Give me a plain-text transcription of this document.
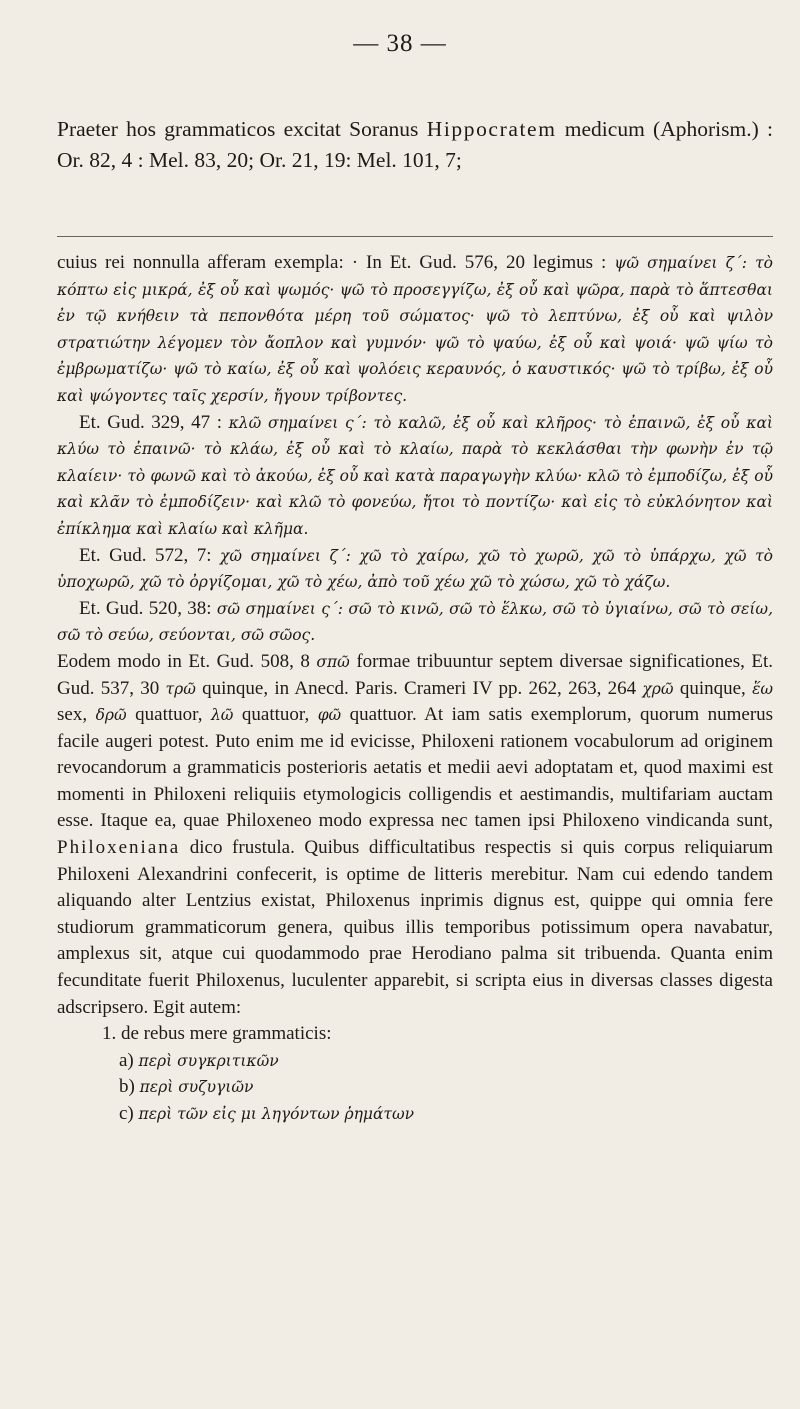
— 38 —
Praeter hos grammaticos excitat Soranus Hippocratem medicum (Aphorism.) : Or. 82, 4 : Mel. 83, 20; Or. 21, 19: Mel. 101, 7;

cuius rei nonnulla afferam exempla: · In Et. Gud. 576, 20 legimus : ψῶ σημαίνει ζ΄: τὸ κόπτω εἰς μικρά, ἐξ οὗ καὶ ψωμός· ψῶ τὸ προσεγγίζω, ἐξ οὗ καὶ ψῶρα, παρὰ τὸ ἅπτεσθαι ἐν τῷ κνήθειν τὰ πεπονθότα μέρη τοῦ σώματος· ψῶ τὸ λεπτύνω, ἐξ οὗ καὶ ψιλὸν στρατιώτην λέγομεν τὸν ἄοπλον καὶ γυμνόν· ψῶ τὸ ψαύω, ἐξ οὗ καὶ ψοιά· ψῶ ψίω τὸ ἐμβρωματίζω· ψῶ τὸ καίω, ἐξ οὗ καὶ ψολόεις κεραυνός, ὁ καυστικός· ψῶ τὸ τρίβω, ἐξ οὗ καὶ ψώγοντες ταῖς χερσίν, ἤγουν τρίβοντες.

Et. Gud. 329, 47 : κλῶ σημαίνει ς΄: τὸ καλῶ, ἐξ οὗ καὶ κλῆρος· τὸ ἐπαινῶ, ἐξ οὗ καὶ κλύω τὸ ἐπαινῶ· τὸ κλάω, ἐξ οὗ καὶ τὸ κλαίω, παρὰ τὸ κεκλάσθαι τὴν φωνὴν ἐν τῷ κλαίειν· τὸ φωνῶ καὶ τὸ ἀκούω, ἐξ οὗ καὶ κατὰ παραγωγὴν κλύω· κλῶ τὸ ἐμποδίζω, ἐξ οὗ καὶ κλᾶν τὸ ἐμποδίζειν· καὶ κλῶ τὸ φονεύω, ἤτοι τὸ ποντίζω· καὶ εἰς τὸ εὐκλόνητον καὶ ἐπίκλημα καὶ κλαίω καὶ κλῆμα.

Et. Gud. 572, 7: χῶ σημαίνει ζ΄: χῶ τὸ χαίρω, χῶ τὸ χωρῶ, χῶ τὸ ὑπάρχω, χῶ τὸ ὑποχωρῶ, χῶ τὸ ὀργίζομαι, χῶ τὸ χέω, ἀπὸ τοῦ χέω χῶ τὸ χώσω, χῶ τὸ χάζω.

Et. Gud. 520, 38: σῶ σημαίνει ς΄: σῶ τὸ κινῶ, σῶ τὸ ἕλκω, σῶ τὸ ὑγιαίνω, σῶ τὸ σείω, σῶ τὸ σεύω, σεύονται, σῶ σῶος.

Eodem modo in Et. Gud. 508, 8 σπῶ formae tribuuntur septem diversae significationes, Et. Gud. 537, 30 τρῶ quinque, in Anecd. Paris. Crameri IV pp. 262, 263, 264 χρῶ quinque, ἕω sex, δρῶ quattuor, λῶ quattuor, φῶ quattuor. At iam satis exemplorum, quorum numerus facile augeri potest. Puto enim me id evicisse, Philoxeni rationem vocabulorum ad originem revocandorum a grammaticis posterioris aetatis et medii aevi adoptatam et, quod maximi est momenti in Philoxeni reliquiis etymologicis colligendis et aestimandis, multifariam auctam esse. Itaque ea, quae Philoxeneo modo expressa nec tamen ipsi Philoxeno vindicanda sunt, Philoxeniana dico frustula. Quibus difficultatibus respectis si quis corpus reliquiarum Philoxeni Alexandrini confecerit, is optime de litteris merebitur. Nam cui edendo tandem aliquando alter Lentzius existat, Philoxenus inprimis dignus est, quippe qui omnia fere studiorum grammaticorum genera, quibus illis temporibus potissimum opera navabatur, amplexus sit, atque cui quodammodo prae Herodiano palma sit tribuenda. Quanta enim fecunditate fuerit Philoxenus, luculenter apparebit, si scripta eius in diversas classes digesta adscripsero. Egit autem:

1. de rebus mere grammaticis:
a) περὶ συγκριτικῶν
b) περὶ συζυγιῶν
c) περὶ τῶν εἰς μι ληγόντων ῥημάτων
